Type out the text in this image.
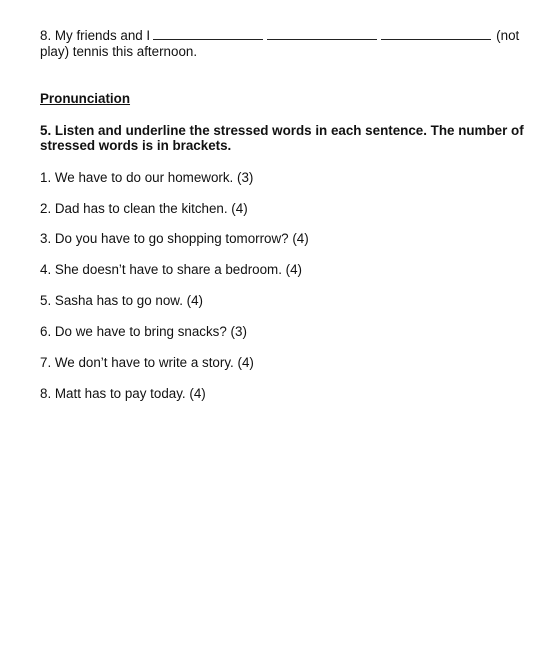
8. My friends and I	(not
play) tennis this afternoon.
Pronunciation
5. Listen and underline the stressed words in each sentence. The number of
stressed words is in brackets.
1. We have to do our homework. (3)
2. Dad has to clean the kitchen. (4)
3. Do you have to go shopping tomorrow? (4)
4. She doesn’t have to share a bedroom. (4)
5. Sasha has to go now. (4)
6. Do we have to bring snacks? (3)
7. We don’t have to write a story. (4)
8. Matt has to pay today. (4)
